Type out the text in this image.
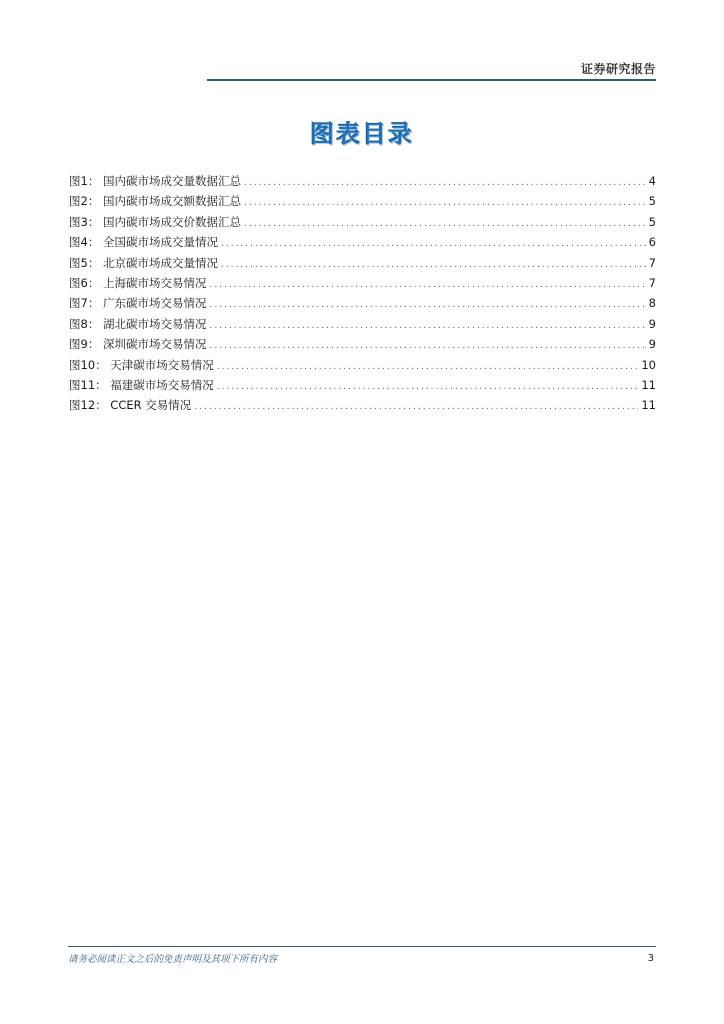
证券研究报告
图表目录
图1： 国内碳市场成交量数据汇总 .....	4
图2： 国内碳市场成交额数据汇总 .....	5
图3： 国内碳市场成交价数据汇总 .....	5
图4： 全国碳市场成交量情况 .....	6
图5： 北京碳市场成交量情况 .....	7
图6： 上海碳市场交易情况 .....	7
图7： 广东碳市场交易情况 .....	8
图8： 湖北碳市场交易情况 .....	9
图9： 深圳碳市场交易情况 .....	9
图10： 天津碳市场交易情况 .....	10
图11： 福建碳市场交易情况 .....	11
图12： CCER 交易情况 .....	11
请务必阅读正文之后的免责声明及其项下所有内容	3
